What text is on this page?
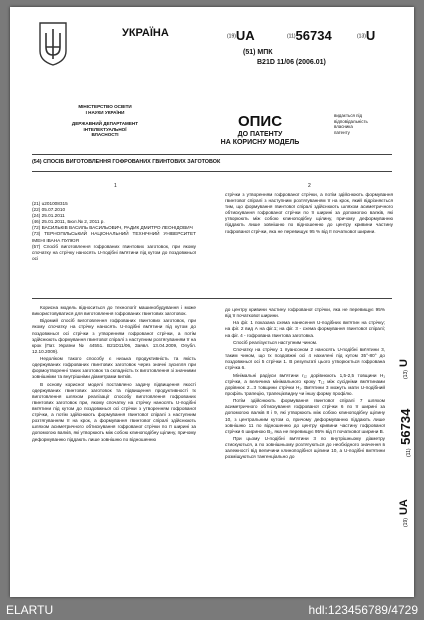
УКРАЇНА
МІНІСТЕРСТВО ОСВІТИ
І НАУКИ УКРАЇНИ
ДЕРЖАВНИЙ ДЕПАРТАМЕНТ
ІНТЕЛЕКТУАЛЬНОЇ
ВЛАСНОСТІ
(19)UA	(11)56734	(13)U
(51) МПК
B21D 11/06 (2006.01)
ОПИС
ДО ПАТЕНТУ
НА КОРИСНУ МОДЕЛЬ
видається під
відповідальність
власника
патенту
(54) СПОСІБ ВИГОТОВЛЕННЯ ГОФРОВАНИХ ГВИНТОВИХ ЗАГОТОВОК
1	2
(21) u201008315
(22) 05.07.2010
(24) 25.01.2011
(46) 25.01.2011, Бюл.№ 2, 2011 р.
(72) ВАСИЛЬКІВ ВАСИЛЬ ВАСИЛЬОВИЧ, РАДИК ДМИТРО ЛЕОНІДОВИЧ
(73) ТЕРНОПІЛЬСЬКИЙ НАЦІОНАЛЬНИЙ ТЕХНІЧНИЙ УНІВЕРСИТЕТ ІМЕНІ ІВАНА ПУЛЮЯ
(57) Спосіб виготовлення гофрованих гвинтових заготовок, при якому спочатку на стрічку наносять U-подібні вм'ятини під кутом до поздовжньої осі

стрічки з утворенням гофрованої стрічки, а потім здійснюють формування гвинтової спіралі з наступним розтягуванням її на крок, який відрізняється тим, що формування гвинтової спіралі здійснюють шляхом асиметричного обтискування гофрованої стрічки по її ширині за допомогою валків, які утворюють між собою клиноподібну щілину, причому деформуванню піддають лише зовнішню по відношенню до центру кривини частину гофрованої стрічки, яка не перевищує 95 % від її початкової ширини.

Корисна модель відноситься до технології машинобудування і може використовуватися для виготовлення гофрованих гвинтових заготовок.

Відомий спосіб виготовлення гофрованих гвинтових заготовок, при якому спочатку на стрічку наносять U-подібні вм'ятини під кутом до поздовжньої осі стрічки з утворенням гофрованої стрічки, а потім здійснюють формування гвинтової спіралі з наступним розтягуванням її на крок (Пат. України № 44551. В21D11/06, Заявл. 13.04.2009, Опубл. 12.10.2009).

Недоліком такого способу є низька продуктивність та якість одержуваних гофрованих гвинтових заготовок через значні зусилля при формоутворенні таких заготовок та складність їх виготовлення зі значними зовнішніми та внутрішніми діаметрами витків.

В основу корисної моделі поставлено задачу підвищення якості одержуваних гвинтових заготовок та підвищення продуктивності їх виготовлення шляхом реалізації способу виготовлення гофрованих гвинтових заготовок при, якому спочатку на стрічку наносять U-подібні вм'ятини під кутом до поздовжньої осі стрічки з утворенням гофрованої стрічки, а потім здійснюють формування гвинтової спіралі з наступним розтягуванням її на крок, а формування гвинтової спіралі здійснюють шляхом асиметричного обтискування гофрованої стрічки по її ширині за допомогою валків, які утворюють між собою клиноподібну щілину, причому деформуванню піддають лише зовнішню по відношенню

до центру кривини частину гофрованої стрічки, яка не перевищує 95% від її початкової ширини.

На фіг. 1 показана схема нанесення U-подібних вм'ятин на стрічку; на фіг. 2 вид А на фіг.1; на фіг. 3 - схема формування гвинтової спіралі; на фіг. 4 - гофрована гвинтова заготовка.

Спосіб реалізується наступним чином.

Спочатку на стрічку 1 пуансоном 2 наносять U-подібні вм'ятини 3, таким чином, що їх поздовжні осі 4 нахилені під кутом 35°-80° до поздовжньої осі 5 стрічки 1. В результаті цього утворюється гофрована стрічка 6.

Мінімальні радіуси вм'ятини r₁₂ дорівнюють 1,5-2,5 товщини H₁ стрічки, а величина мінімального кроку T₁₂ між сусідніми вм'ятинами дорівнює 2...3 товщини стрічки H₁. Вм'ятини 3 можуть мати U-подібний профіль трапецію, трапецієвидну чи іншу форму профілю.

Потім здійснюють формування гвинтової спіралі 7 шляхом асиметричного обтискування гофрованої стрічки 6 по її ширині за допомогою валків 8 і 9, які утворюють між собою клиноподібну щілину 10, з центральним кутом α, причому деформуванню піддають лише зовнішню 11 по відношенню до центру кривини частину гофрованої стрічки 6 шириною B₁, яка не перевищує 95% від її початкової ширини B.

При цьому U-подібні вм'ятини 3 по внутрішньому діаметру стискуються, а по зовнішньому розтягуються до необхідного значення в залежності від величини клиноподібної щілини 10, а U-подібні вм'ятини розміщуються тангенціально до

(13) U
(11) 56734
(19) UA
ELARTU	hdl:123456789/4729
